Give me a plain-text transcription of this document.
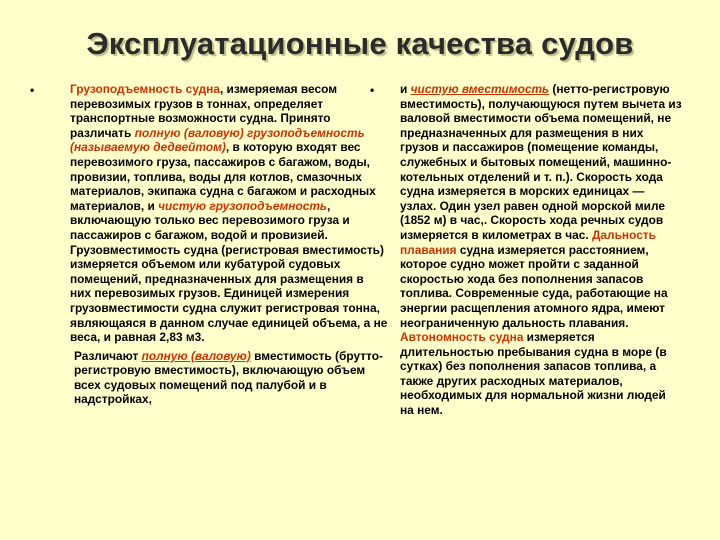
Эксплуатационные качества судов
•	•

Грузоподъемность судна, измеряемая весом перевозимых грузов в тоннах, определяет транспортные возможности судна. Принято различать полную (валовую) грузоподъемность (называемую дедвейтом), в которую входят вес перевозимого груза, пассажиров с багажом, воды, провизии, топлива, воды для котлов, смазочных материалов, экипажа судна с багажом и расходных материалов, и чистую грузоподъемность, включающую только вес перевозимого груза и пассажиров с багажом, водой и провизией. Грузовместимость судна (регистровая вместимость) измеряется объемом или кубатурой судовых помещений, предназначенных для размещения в них перевозимых грузов. Единицей измерения грузовместимости судна служит регистровая тонна, являющаяся в данном случае единицей объема, а не веса, и равная 2,83 м3.

Различают полную (валовую) вместимость (брутто-регистровую вместимость), включающую объем всех судовых помещений под палубой и в надстройках,

и чистую вместимость (нетто-регистровую вместимость), получающуюся путем вычета из валовой вместимости объема помещений, не предназначенных для размещения в них грузов и пассажиров (помещение команды, служебных и бытовых помещений, машинно-котельных отделений и т. п.). Скорость хода судна измеряется в морских единицах — узлах. Один узел равен одной морской миле (1852 м) в час,. Скорость хода речных судов измеряется в километрах в час. Дальность плавания судна измеряется расстоянием, которое судно может пройти с заданной скоростью хода без пополнения запасов топлива. Современные суда, работающие на энергии расщепления атомного ядра, имеют неограниченную дальность плавания. Автономность судна измеряется длительностью пребывания судна в море (в сутках) без пополнения запасов топлива, а также других расходных материалов, необходимых для нормальной жизни людей на нем.
